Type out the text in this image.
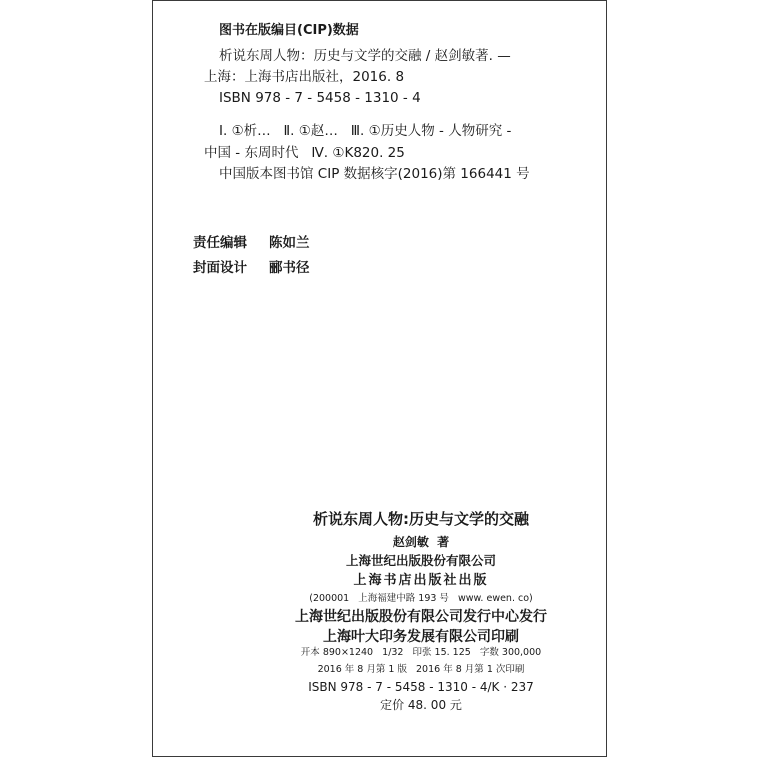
图书在版编目(CIP)数据
析说东周人物：历史与文学的交融 / 赵剑敏著. —
上海：上海书店出版社，2016. 8
ISBN 978 - 7 - 5458 - 1310 - 4
Ⅰ. ①析…   Ⅱ. ①赵…   Ⅲ. ①历史人物 - 人物研究 -
中国 - 东周时代   Ⅳ. ①K820. 25
中国版本图书馆 CIP 数据核字(2016)第 166441 号

责任编辑

陈如兰

封面设计

郦书径

析说东周人物:历史与文学的交融
赵剑敏  著
上海世纪出版股份有限公司
上海书店出版社出版
(200001   上海福建中路 193 号   www. ewen. co)
上海世纪出版股份有限公司发行中心发行
上海叶大印务发展有限公司印刷
开本 890×1240   1/32   印张 15. 125   字数 300,000
2016 年 8 月第 1 版   2016 年 8 月第 1 次印刷
ISBN 978 - 7 - 5458 - 1310 - 4/K · 237
定价 48. 00 元
